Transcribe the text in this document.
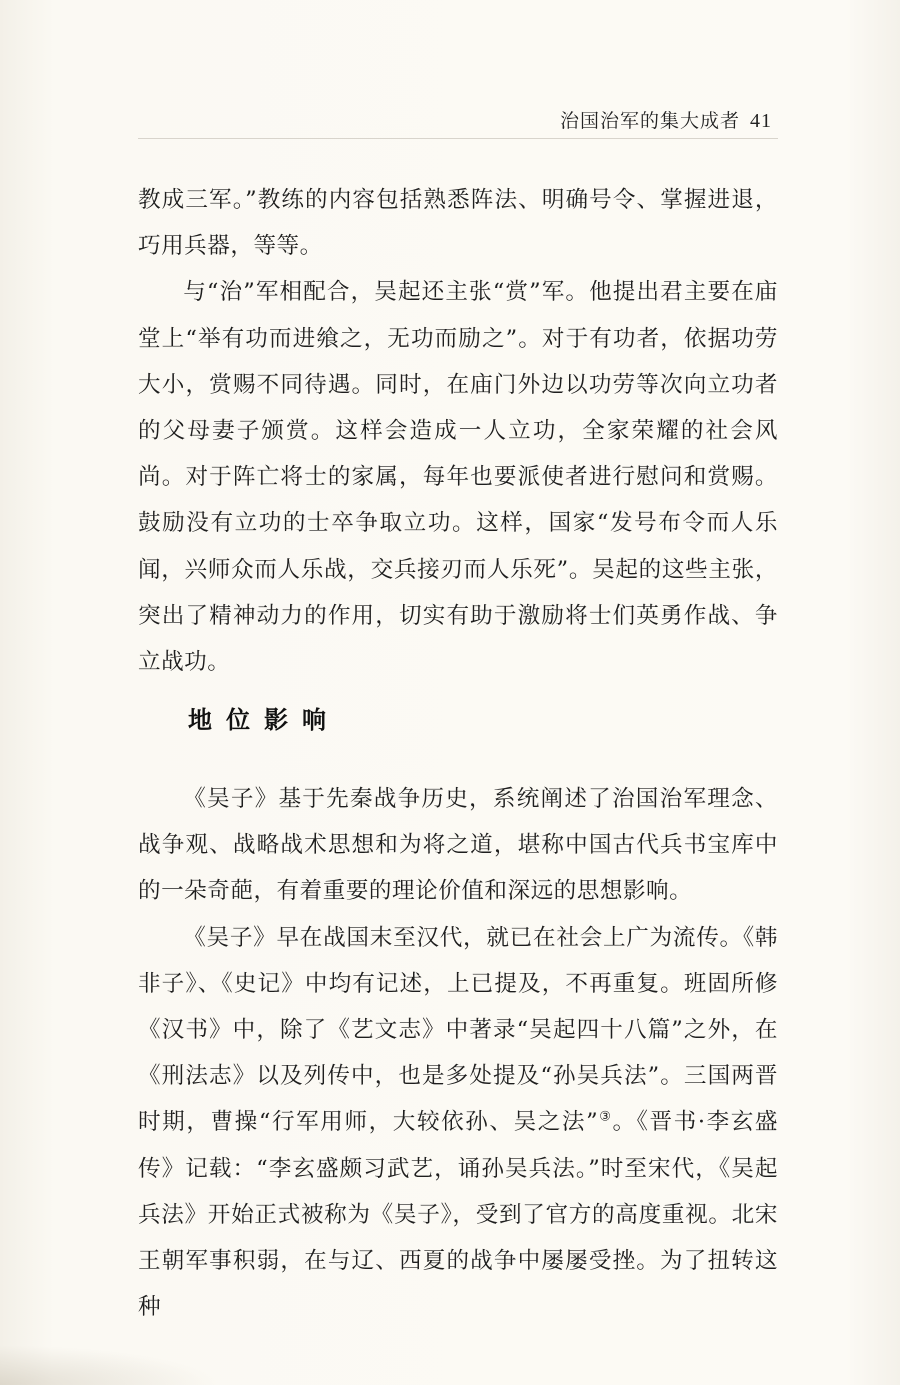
治国治军的集大成者 41

教成三军。”教练的内容包括熟悉阵法、明确号令、掌握进退，巧用兵器，等等。

与“治”军相配合，吴起还主张“赏”军。他提出君主要在庙堂上“举有功而进飨之，无功而励之”。对于有功者，依据功劳大小，赏赐不同待遇。同时，在庙门外边以功劳等次向立功者的父母妻子颁赏。这样会造成一人立功，全家荣耀的社会风尚。对于阵亡将士的家属，每年也要派使者进行慰问和赏赐。鼓励没有立功的士卒争取立功。这样，国家“发号布令而人乐闻，兴师众而人乐战，交兵接刃而人乐死”。吴起的这些主张，突出了精神动力的作用，切实有助于激励将士们英勇作战、争立战功。

地位影响

《吴子》基于先秦战争历史，系统阐述了治国治军理念、战争观、战略战术思想和为将之道，堪称中国古代兵书宝库中的一朵奇葩，有着重要的理论价值和深远的思想影响。

《吴子》早在战国末至汉代，就已在社会上广为流传。《韩非子》、《史记》中均有记述，上已提及，不再重复。班固所修《汉书》中，除了《艺文志》中著录“吴起四十八篇”之外，在《刑法志》以及列传中，也是多处提及“孙吴兵法”。三国两晋时期，曹操“行军用师，大较依孙、吴之法”③。《晋书·李玄盛传》记载：“李玄盛颇习武艺，诵孙吴兵法。”时至宋代，《吴起兵法》开始正式被称为《吴子》，受到了官方的高度重视。北宋王朝军事积弱，在与辽、西夏的战争中屡屡受挫。为了扭转这种
